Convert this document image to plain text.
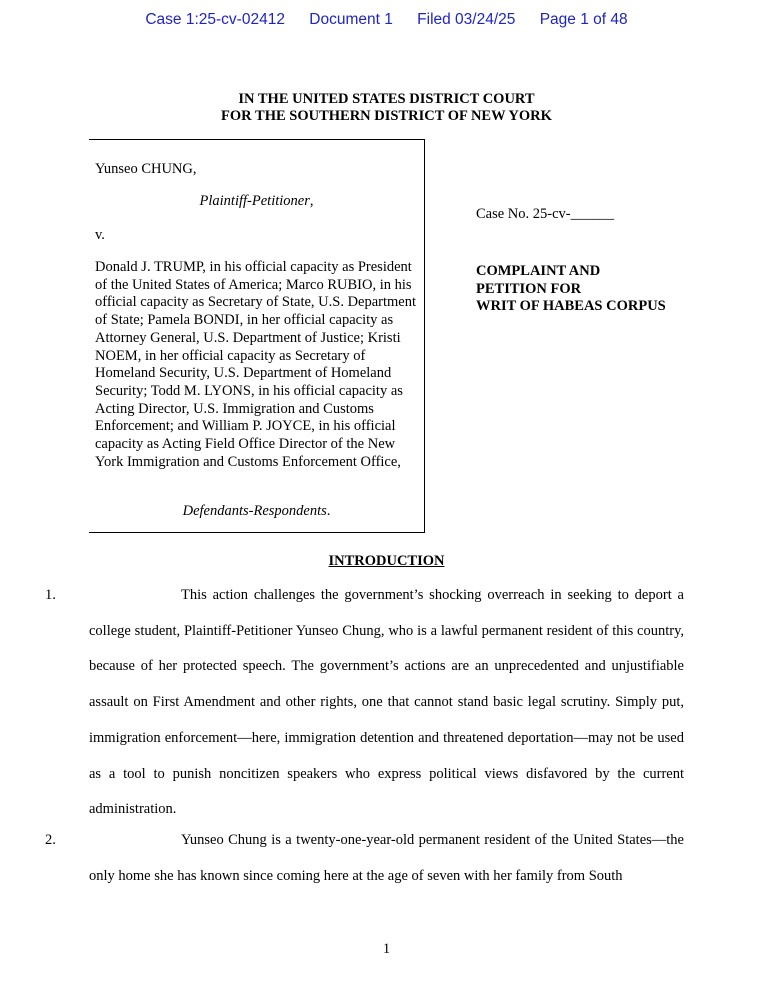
Case 1:25-cv-02412 Document 1 Filed 03/24/25 Page 1 of 48
IN THE UNITED STATES DISTRICT COURT
FOR THE SOUTHERN DISTRICT OF NEW YORK
Yunseo CHUNG,
Plaintiff-Petitioner,
v.
Donald J. TRUMP, in his official capacity as President of the United States of America; Marco RUBIO, in his official capacity as Secretary of State, U.S. Department of State; Pamela BONDI, in her official capacity as Attorney General, U.S. Department of Justice; Kristi NOEM, in her official capacity as Secretary of Homeland Security, U.S. Department of Homeland Security; Todd M. LYONS, in his official capacity as Acting Director, U.S. Immigration and Customs Enforcement; and William P. JOYCE, in his official capacity as Acting Field Office Director of the New York Immigration and Customs Enforcement Office,
Defendants-Respondents.
Case No. 25-cv-______
COMPLAINT AND
PETITION FOR
WRIT OF HABEAS CORPUS
INTRODUCTION
1.	This action challenges the government’s shocking overreach in seeking to deport a college student, Plaintiff-Petitioner Yunseo Chung, who is a lawful permanent resident of this country, because of her protected speech. The government’s actions are an unprecedented and unjustifiable assault on First Amendment and other rights, one that cannot stand basic legal scrutiny. Simply put, immigration enforcement—here, immigration detention and threatened deportation—may not be used as a tool to punish noncitizen speakers who express political views disfavored by the current administration.
2.	Yunseo Chung is a twenty-one-year-old permanent resident of the United States—the only home she has known since coming here at the age of seven with her family from South
1
